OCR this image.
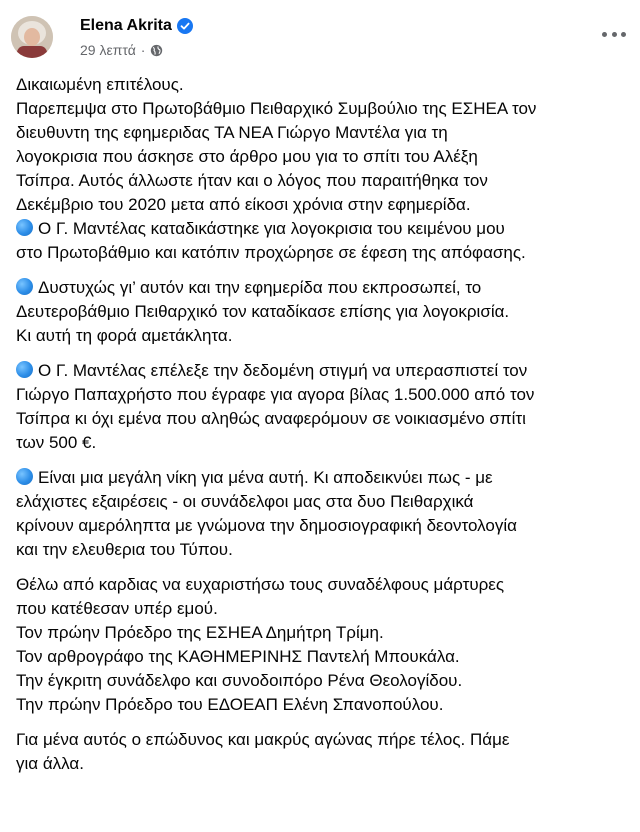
Elena Akrita
29 λεπτά ·

Δικαιωμένη επιτέλους.
Παρεπεμψα στο Πρωτοβάθμιο Πειθαρχικό Συμβούλιο της ΕΣΗΕΑ τον
διευθυντη της εφημεριδας ΤΑ ΝΕΑ Γιώργο Μαντέλα για τη
λογοκρισια που άσκησε στο άρθρο μου για το σπίτι του Αλέξη
Τσίπρα. Αυτός άλλωστε ήταν και ο λόγος που παραιτήθηκα τον
Δεκέμβριο του 2020 μετα από είκοσι χρόνια στην εφημερίδα.
Ο Γ. Μαντέλας καταδικάστηκε για λογοκρισια του κειμένου μου
στο Πρωτοβάθμιο και κατόπιν προχώρησε σε έφεση της απόφασης.

Δυστυχώς γι’ αυτόν και την εφημερίδα που εκπροσωπεί, το
Δευτεροβάθμιο Πειθαρχικό τον καταδίκασε επίσης για λογοκρισία.
Κι αυτή τη φορά αμετάκλητα.

Ο Γ. Μαντέλας επέλεξε την δεδομένη στιγμή να υπερασπιστεί τον
Γιώργο Παπαχρήστο που έγραφε για αγορα βίλας 1.500.000 από τον
Τσίπρα κι όχι εμένα που αληθώς αναφερόμουν σε νοικιασμένο σπίτι
των 500 €.

Είναι μια μεγάλη νίκη για μένα αυτή. Κι αποδεικνύει πως - με
ελάχιστες εξαιρέσεις - οι συνάδελφοι μας στα δυο Πειθαρχικά
κρίνουν αμερόληπτα με γνώμονα την δημοσιογραφική δεοντολογία
και την ελευθερια του Τύπου.

Θέλω από καρδιας να ευχαριστήσω τους συναδέλφους μάρτυρες
που κατέθεσαν υπέρ εμού.
Τον πρώην Πρόεδρο της ΕΣΗΕΑ Δημήτρη Τρίμη.
Τον αρθρογράφο της ΚΑΘΗΜΕΡΙΝΗΣ Παντελή Μπουκάλα.
Την έγκριτη συνάδελφο και συνοδοιπόρο Ρένα Θεολογίδου.
Την πρώην Πρόεδρο του ΕΔΟΕΑΠ Ελένη Σπανοπούλου.

Για μένα αυτός ο επώδυνος και μακρύς αγώνας πήρε τέλος. Πάμε
για άλλα.
